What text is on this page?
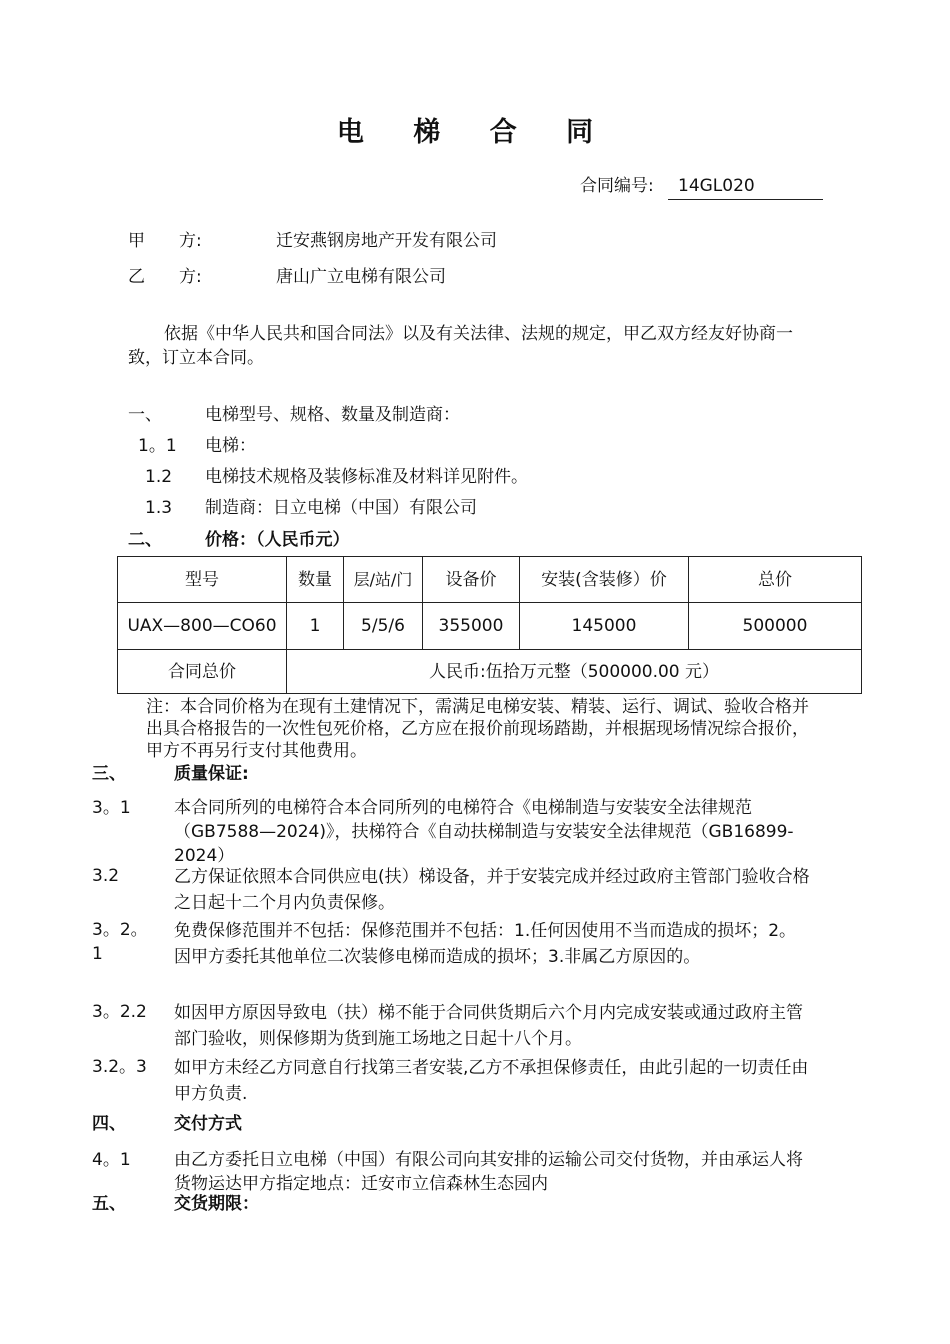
电 梯 合 同
合同编号:	14GL020
甲　　方:	迁安燕钢房地产开发有限公司
乙　　方:	唐山广立电梯有限公司
依据《中华人民共和国合同法》以及有关法律、法规的规定，甲乙双方经友好协商一致，订立本合同。
一、	电梯型号、规格、数量及制造商：
1。1 电梯：
1.2 电梯技术规格及装修标准及材料详见附件。
1.3 制造商：日立电梯（中国）有限公司
二、	价格：（人民币元）
型号	数量	层/站/门	设备价	安装(含装修）价	总价
UAX—800—CO60	1	5/5/6	355000	145000	500000
合同总价	人民币:伍拾万元整（500000.00 元）				
注：本合同价格为在现有土建情况下，需满足电梯安装、精装、运行、调试、验收合格并出具合格报告的一次性包死价格，乙方应在报价前现场踏勘，并根据现场情况综合报价，甲方不再另行支付其他费用。
三、	质量保证:
3。1	本合同所列的电梯符合本合同所列的电梯符合《电梯制造与安装安全法律规范（GB7588—2024)》，扶梯符合《自动扶梯制造与安装安全法律规范（GB16899-2024）
3.2	乙方保证依照本合同供应电(扶）梯设备，并于安装完成并经过政府主管部门验收合格之日起十二个月内负责保修。
3。2。1
免费保修范围并不包括：保修范围并不包括：1.任何因使用不当而造成的损坏；2。因甲方委托其他单位二次装修电梯而造成的损坏；3.非属乙方原因的。
3。2.2 如因甲方原因导致电（扶）梯不能于合同供货期后六个月内完成安装或通过政府主管部门验收，则保修期为货到施工场地之日起十八个月。
3.2。3 如甲方未经乙方同意自行找第三者安装,乙方不承担保修责任，由此引起的一切责任由甲方负责.
四、	交付方式
4。1	由乙方委托日立电梯（中国）有限公司向其安排的运输公司交付货物，并由承运人将货物运达甲方指定地点：迁安市立信森林生态园内
五、	交货期限：
